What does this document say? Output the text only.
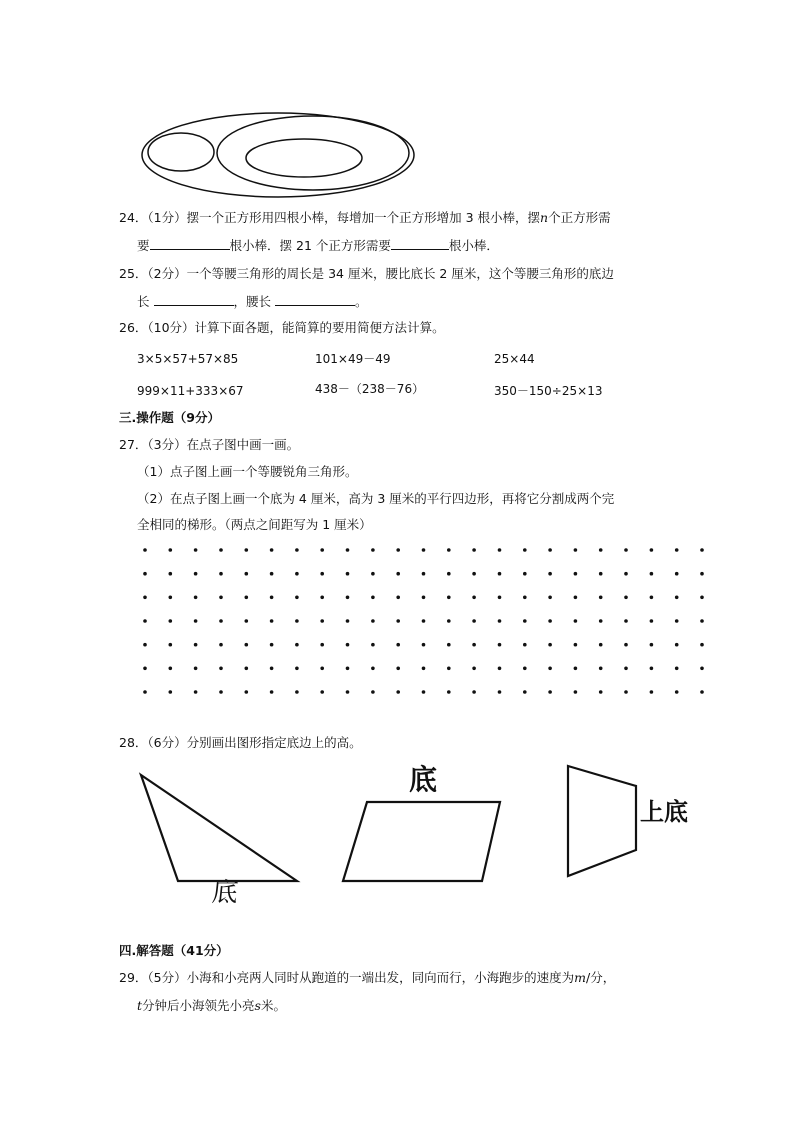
24．（1分）摆一个正方形用四根小棒，每增加一个正方形增加 3 根小棒，摆n个正方形需
要	根小棒．摆 21 个正方形需要	根小棒．
25．（2分）一个等腰三角形的周长是 34 厘米，腰比底长 2 厘米，这个等腰三角形的底边
长	，腰长	。
26．（10分）计算下面各题，能简算的要用简便方法计算。
3×5×57+57×85	101×49－49	25×44
999×11+333×67	438－（238－76）	350－150÷25×13
三.操作题（9分）
27．（3分）在点子图中画一画。
（1）点子图上画一个等腰锐角三角形。
（2）在点子图上画一个底为 4 厘米，高为 3 厘米的平行四边形，再将它分割成两个完
全相同的梯形。（两点之间距写为 1 厘米）
28．（6分）分别画出图形指定底边上的高。
底
底
上底
四.解答题（41分）
29．（5分）小海和小亮两人同时从跑道的一端出发，同向而行，小海跑步的速度为m/分，
t分钟后小海领先小亮s米。
